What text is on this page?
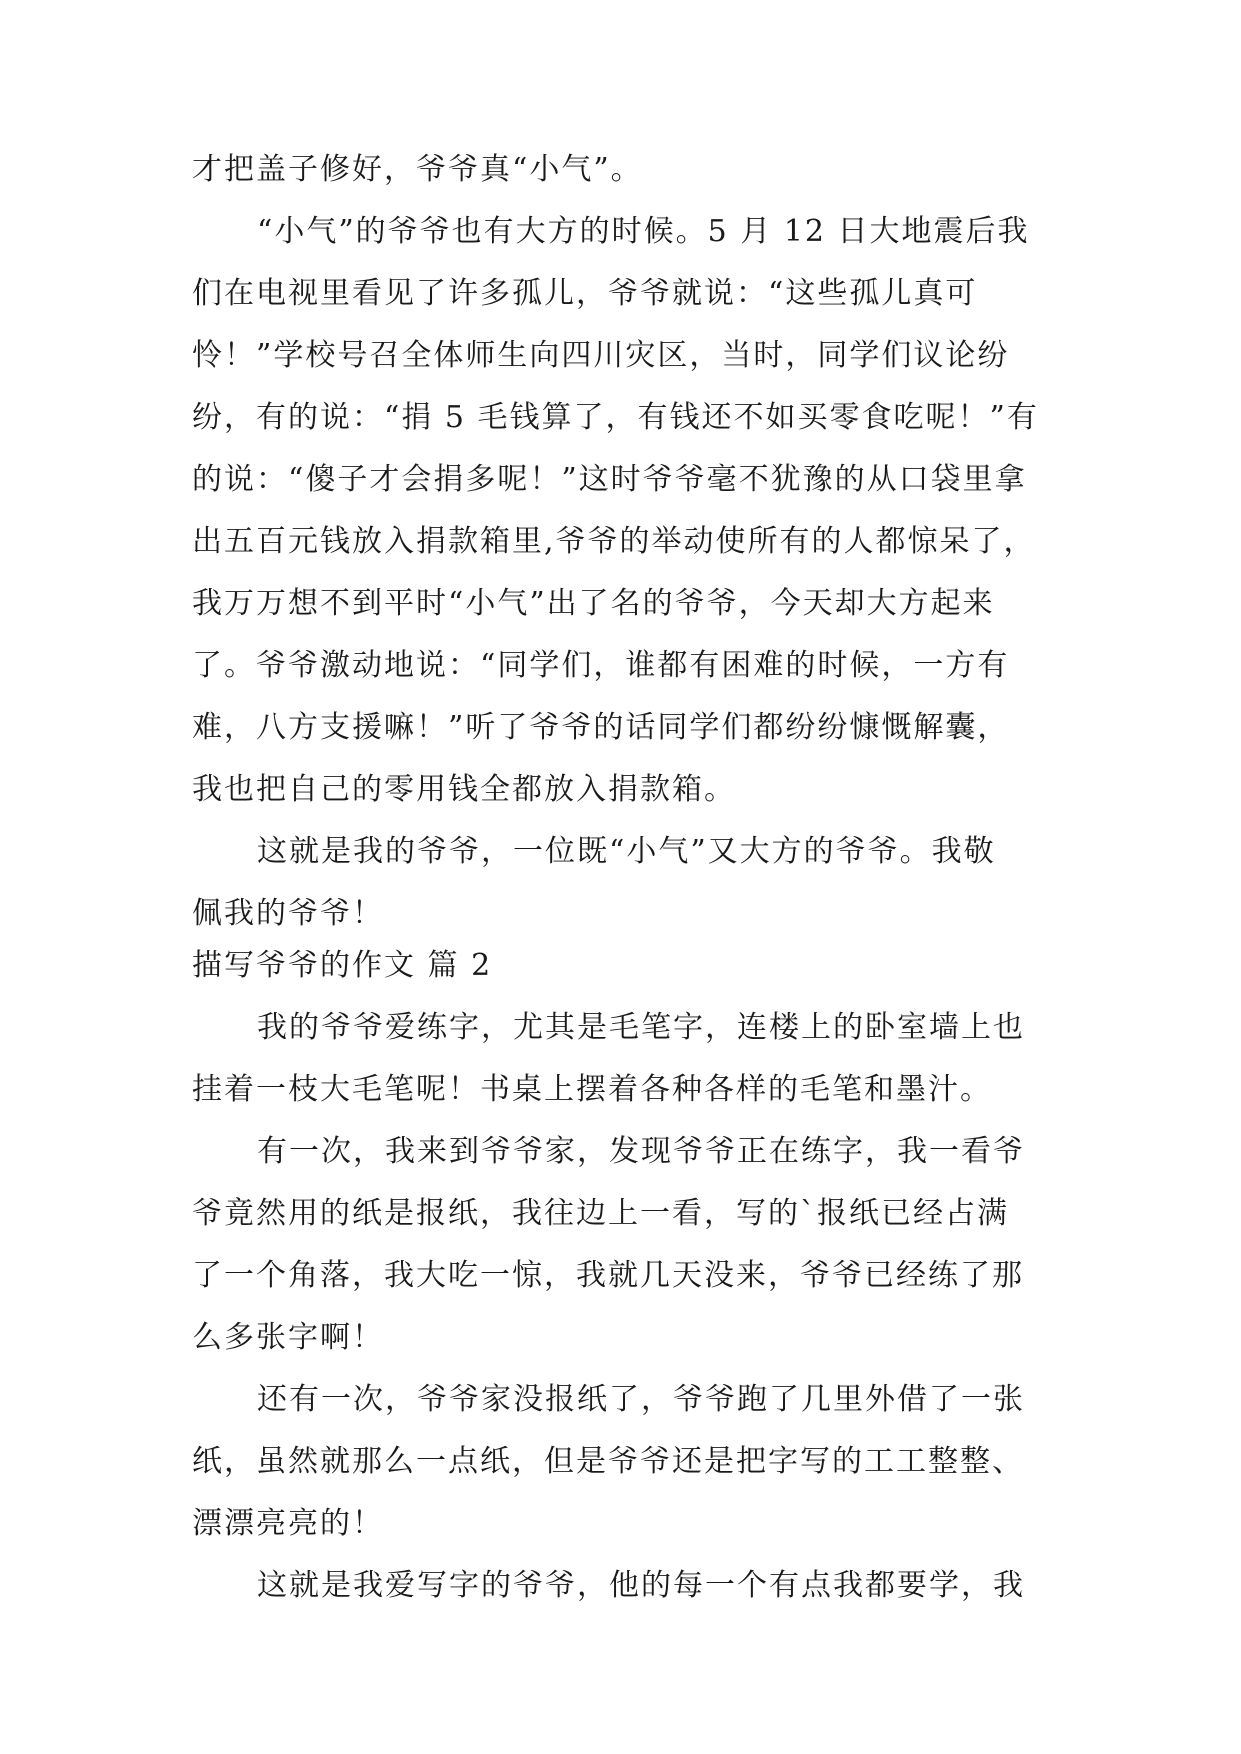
才把盖子修好，爷爷真“小气”。
“小气”的爷爷也有大方的时候。5 月 12 日大地震后我
们在电视里看见了许多孤儿，爷爷就说：“这些孤儿真可
怜！”学校号召全体师生向四川灾区，当时，同学们议论纷
纷，有的说：“捐 5 毛钱算了，有钱还不如买零食吃呢！”有
的说：“傻子才会捐多呢！”这时爷爷毫不犹豫的从口袋里拿
出五百元钱放入捐款箱里,爷爷的举动使所有的人都惊呆了，
我万万想不到平时“小气”出了名的爷爷，今天却大方起来
了。爷爷激动地说：“同学们，谁都有困难的时候，一方有
难，八方支援嘛！”听了爷爷的话同学们都纷纷慷慨解囊，
我也把自己的零用钱全都放入捐款箱。
这就是我的爷爷，一位既“小气”又大方的爷爷。我敬
佩我的爷爷！
描写爷爷的作文 篇 2
我的爷爷爱练字，尤其是毛笔字，连楼上的卧室墙上也
挂着一枝大毛笔呢！书桌上摆着各种各样的毛笔和墨汁。
有一次，我来到爷爷家，发现爷爷正在练字，我一看爷
爷竟然用的纸是报纸，我往边上一看，写的`报纸已经占满
了一个角落，我大吃一惊，我就几天没来，爷爷已经练了那
么多张字啊！
还有一次，爷爷家没报纸了，爷爷跑了几里外借了一张
纸，虽然就那么一点纸，但是爷爷还是把字写的工工整整、
漂漂亮亮的！
这就是我爱写字的爷爷，他的每一个有点我都要学，我
